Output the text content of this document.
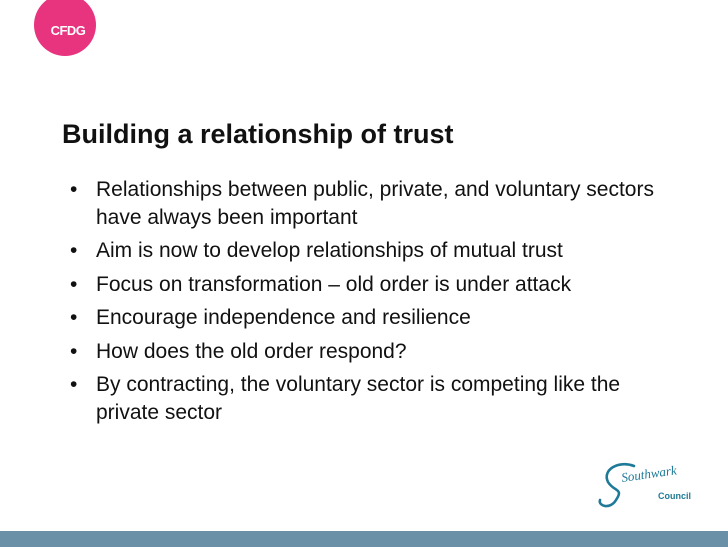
CFDG
Building a relationship of trust
• Relationships between public, private, and voluntary sectors have always been important
• Aim is now to develop relationships of mutual trust
• Focus on transformation – old order is under attack
• Encourage independence and resilience
• How does the old order respond?
• By contracting, the voluntary sector is competing like the private sector
Southwark
Council
